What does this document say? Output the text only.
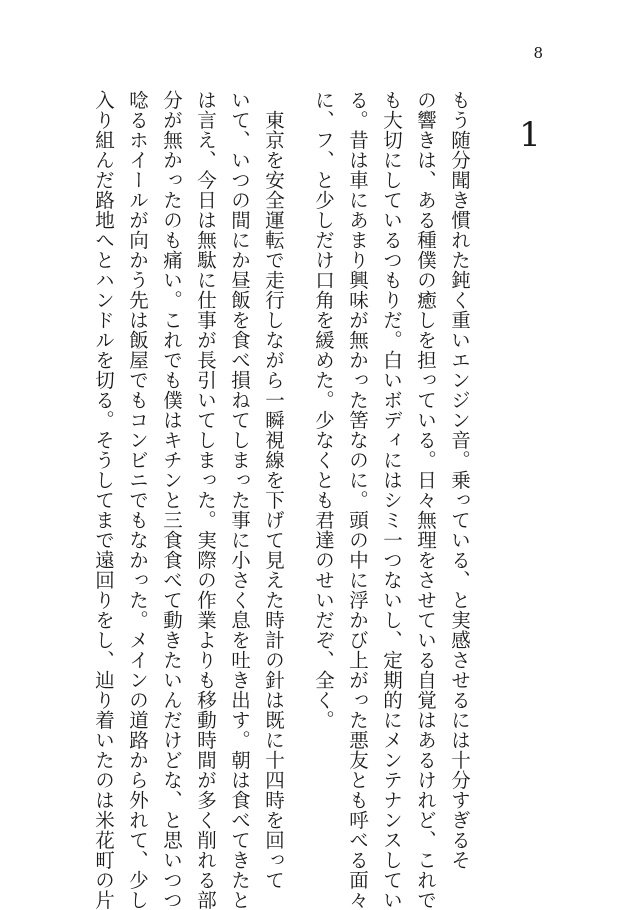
8
1
もう随分聞き慣れた鈍く重いエンジン音。乗っている、と実感させるには十分すぎるそ
の響きは、ある種僕の癒しを担っている。日々無理をさせている自覚はあるけれど、これで
も大切にしているつもりだ。白いボディにはシミ一つないし、定期的にメンテナンスしてい
る。昔は車にあまり興味が無かった筈なのに。頭の中に浮かび上がった悪友とも呼べる面々
に、フ、と少しだけ口角を緩めた。少なくとも君達のせいだぞ、全く。
　東京を安全運転で走行しながら一瞬視線を下げて見えた時計の針は既に十四時を回って
いて、いつの間にか昼飯を食べ損ねてしまった事に小さく息を吐き出す。朝は食べてきたと
は言え、今日は無駄に仕事が長引いてしまった。実際の作業よりも移動時間が多く削れる部
分が無かったのも痛い。これでも僕はキチンと三食食べて動きたいんだけどな、と思いつつ
唸るホイールが向かう先は飯屋でもコンビニでもなかった。メインの道路から外れて、少し
入り組んだ路地へとハンドルを切る。そうしてまで遠回りをし、辿り着いたのは米花町の片
